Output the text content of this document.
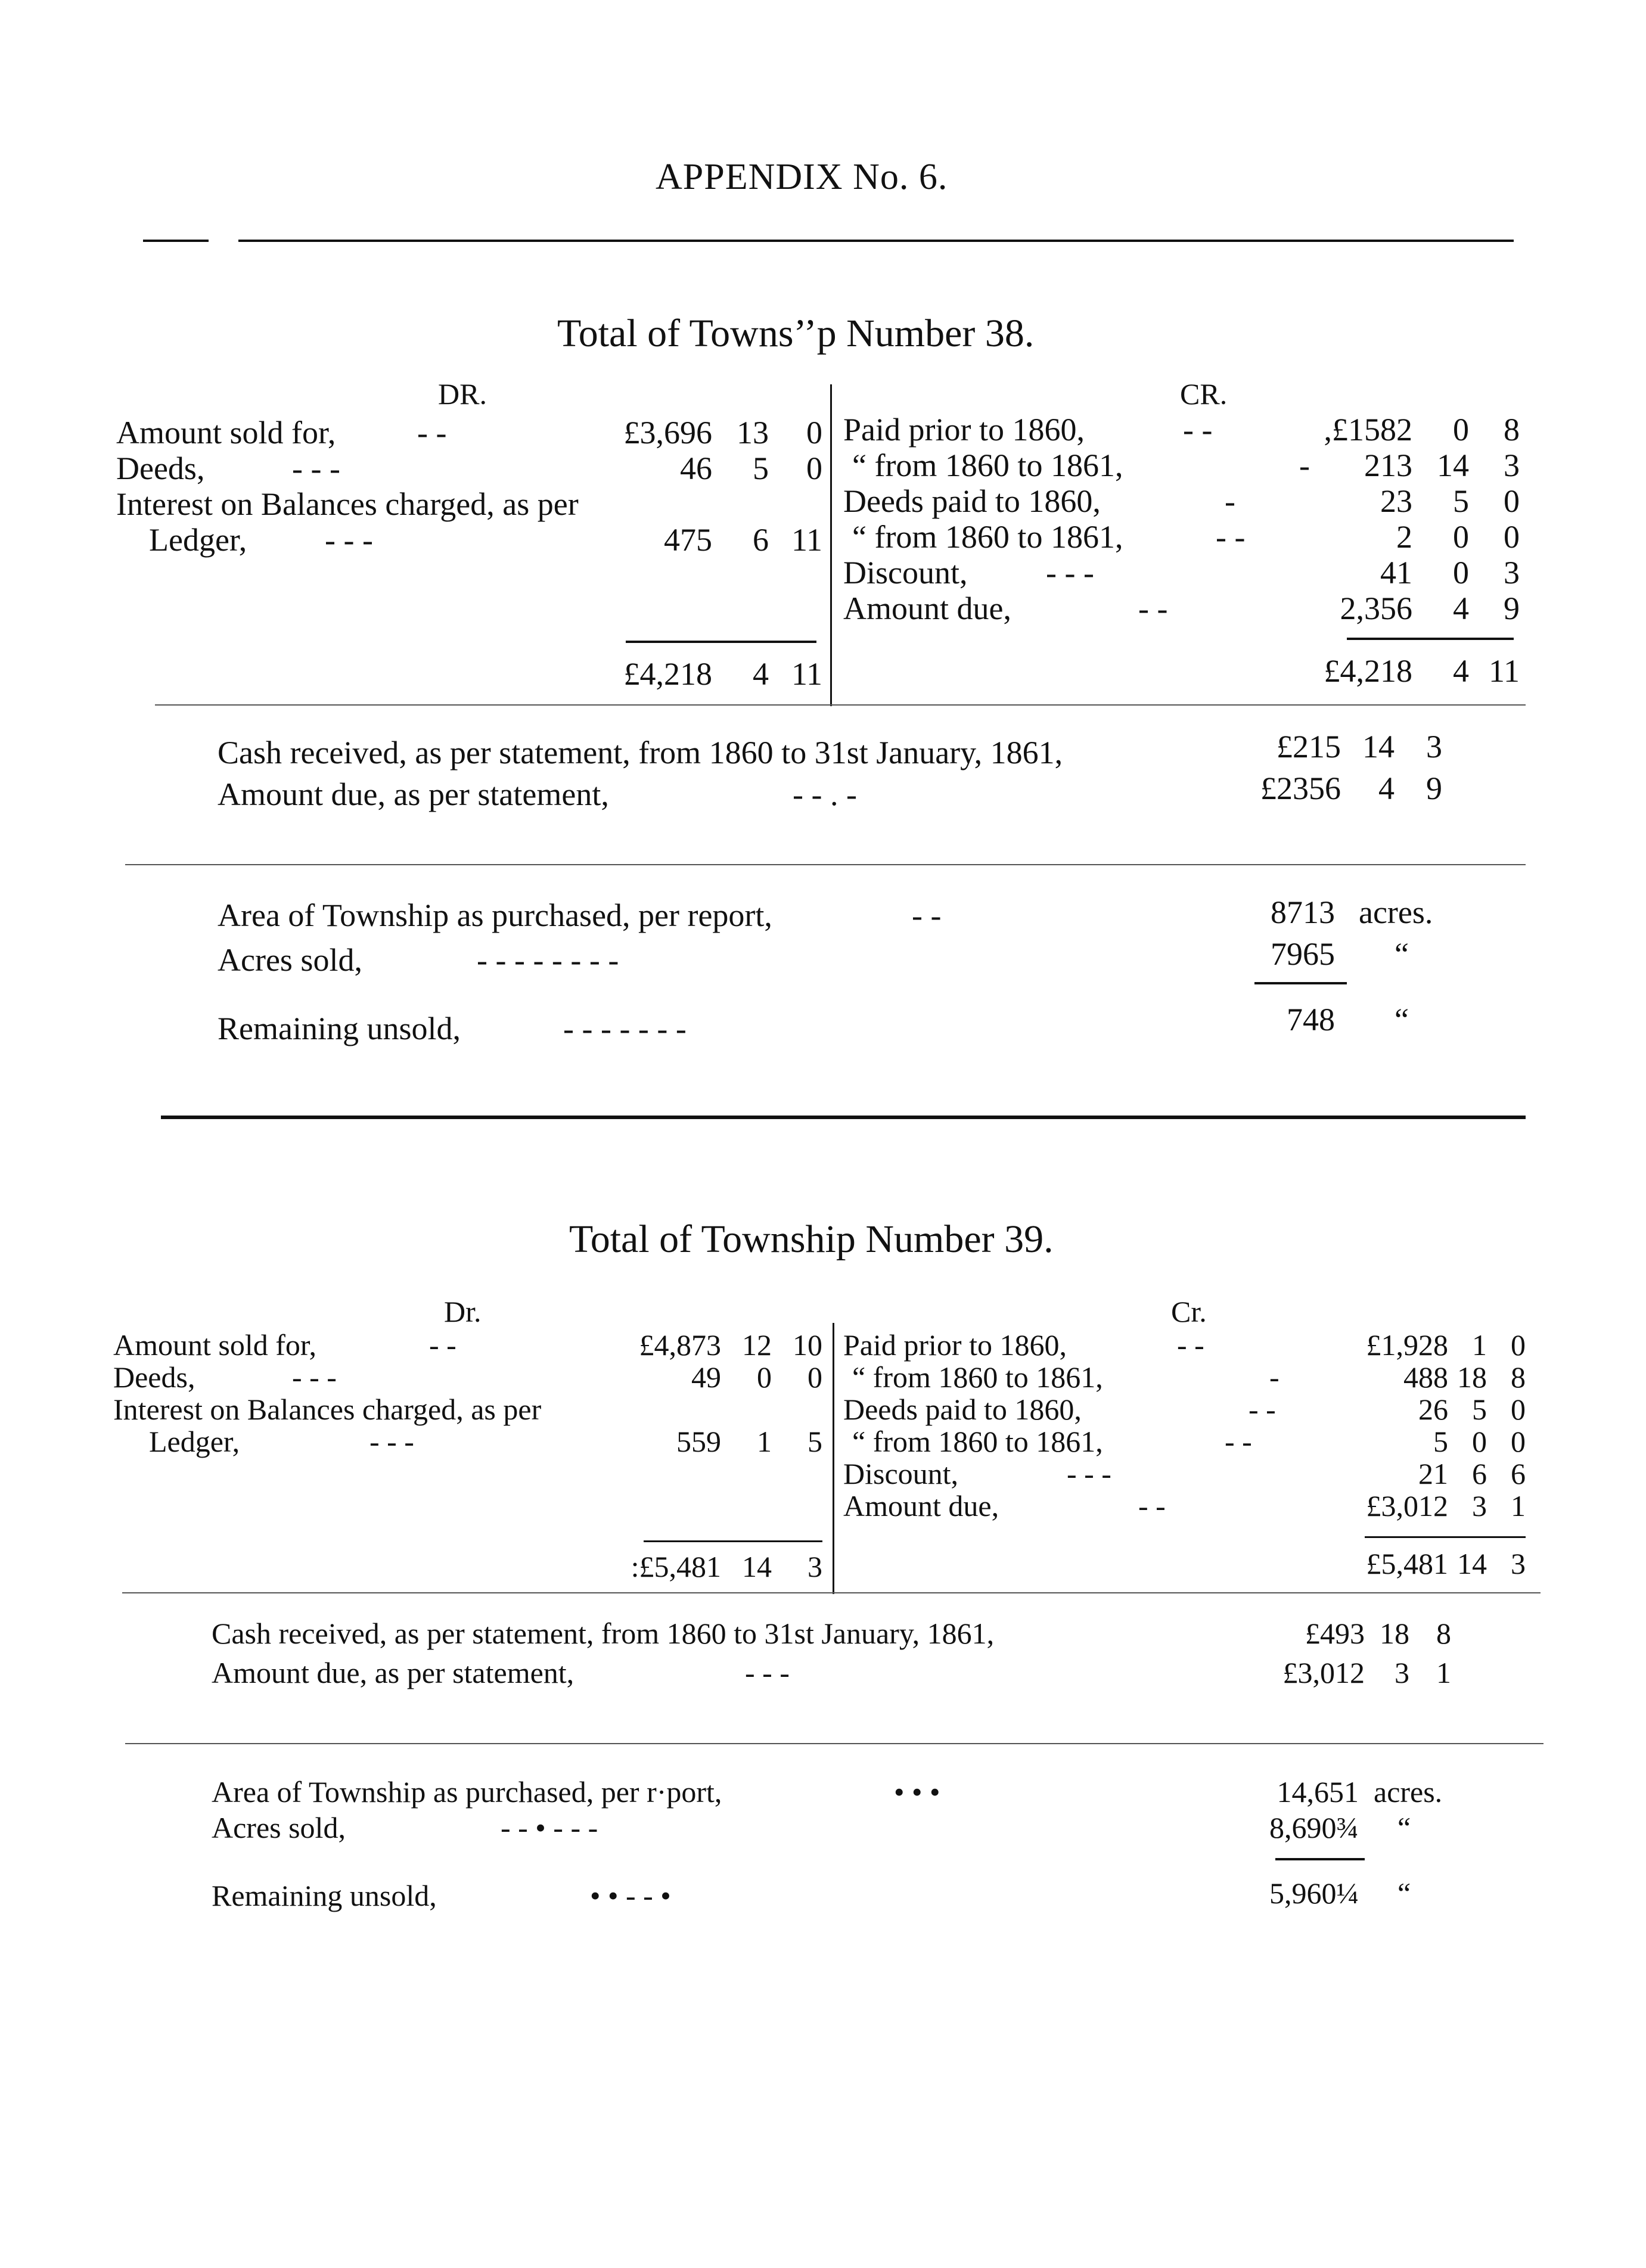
APPENDIX No. 6.
Total of Towns’’p Number 38.
DR.	CR.
Amount sold for,	- -	£3,696 13	0
Deeds,	- - -	46	5	0
Interest on Balances charged, as per
Ledger, - - -	475	6 11
£4,218	4 11
Paid prior to 1860,	- -	,£1582	0	8
“ from 1860 to 1861,	-	213 14	3
Deeds paid to 1860,	-	23	5	0
“ from 1860 to 1861,	- -	2	0	0
Discount, - - -	41	0	3
Amount due,	- -	2,356	4	9
£4,218	4 11
Cash received, as per statement, from 1860 to 31st January, 1861,	£215 14 3
Amount due, as per statement,	- - . -	£2356	4 9
Area of Township as purchased, per report,	- -	8713 acres.
Acres sold,	- - - - - - - -	7965 “
Remaining unsold,	- - - - - - -	748 “
Total of Township Number 39.
Dr.	Cr.
Amount sold for,	- -	£4,873 12 10
Deeds,	- - -	49	0	0
Interest on Balances charged, as per
Ledger,	- - -	559	1	5
:£5,481 14	3
Paid prior to 1860,	- -	£1,928 1 0
“ from 1860 to 1861,	-	488 18 8
Deeds paid to 1860,	- -	26 5 0
“ from 1860 to 1861,	- -	5 0 0
Discount,	- - -	21 6 6
Amount due,	- -	£3,012 3 1
£5,481 14 3
Cash received, as per statement, from 1860 to 31st January, 1861,	£493 18 8
Amount due, as per statement,	- - -	£3,012	3 1
Area of Township as purchased, per r·port,	• • •	14,651 acres.
Acres sold,	- - • - - -	8,690¾ “
Remaining unsold,	• • - - •	5,960¼ “
